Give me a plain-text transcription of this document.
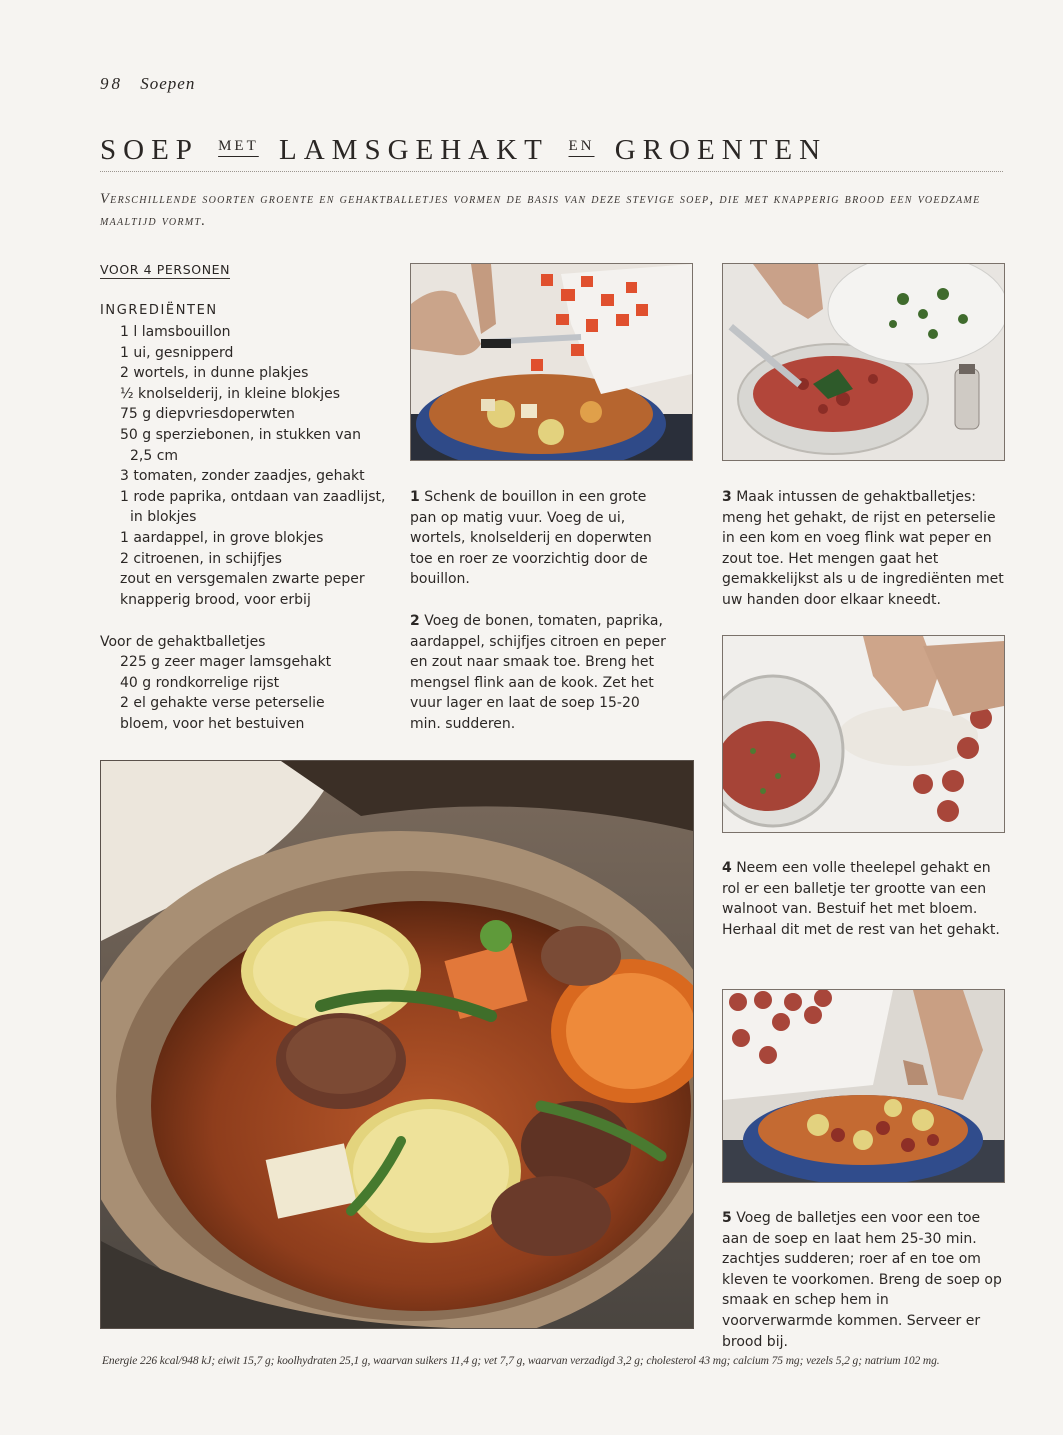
98 Soepen
SOEP $^{MET}$ LAMSGEHAKT $^{EN}$ GROENTEN
Verschillende soorten groente en gehaktballetjes vormen de basis van deze stevige soep, die met knapperig brood een voedzame maaltijd vormt.
VOOR 4 PERSONEN
INGREDIËNTEN
1 l lamsbouillon
1 ui, gesnipperd
2 wortels, in dunne plakjes
½ knolselderij, in kleine blokjes
75 g diepvriesdoperwten
50 g sperziebonen, in stukken van
2,5 cm
3 tomaten, zonder zaadjes, gehakt
1 rode paprika, ontdaan van zaadlijst,
in blokjes
1 aardappel, in grove blokjes
2 citroenen, in schijfjes
zout en versgemalen zwarte peper
knapperig brood, voor erbij
Voor de gehaktballetjes
225 g zeer mager lamsgehakt
40 g rondkorrelige rijst
2 el gehakte verse peterselie
bloem, voor het bestuiven
1 Schenk de bouillon in een grote pan op matig vuur. Voeg de ui, wortels, knolselderij en doperwten toe en roer ze voorzichtig door de bouillon.
2 Voeg de bonen, tomaten, paprika, aardappel, schijfjes citroen en peper en zout naar smaak toe. Breng het mengsel flink aan de kook. Zet het vuur lager en laat de soep 15-20 min. sudderen.
3 Maak intussen de gehaktballetjes: meng het gehakt, de rijst en peterselie in een kom en voeg flink wat peper en zout toe. Het mengen gaat het gemakkelijkst als u de ingrediënten met uw handen door elkaar kneedt.
4 Neem een volle theelepel gehakt en rol er een balletje ter grootte van een walnoot van. Bestuif het met bloem. Herhaal dit met de rest van het gehakt.
5 Voeg de balletjes een voor een toe aan de soep en laat hem 25-30 min. zachtjes sudderen; roer af en toe om kleven te voorkomen. Breng de soep op smaak en schep hem in voorverwarmde kommen. Serveer er brood bij.
Energie 226 kcal/948 kJ; eiwit 15,7 g; koolhydraten 25,1 g, waarvan suikers 11,4 g; vet 7,7 g, waarvan verzadigd 3,2 g; cholesterol 43 mg; calcium 75 mg; vezels 5,2 g; natrium 102 mg.
